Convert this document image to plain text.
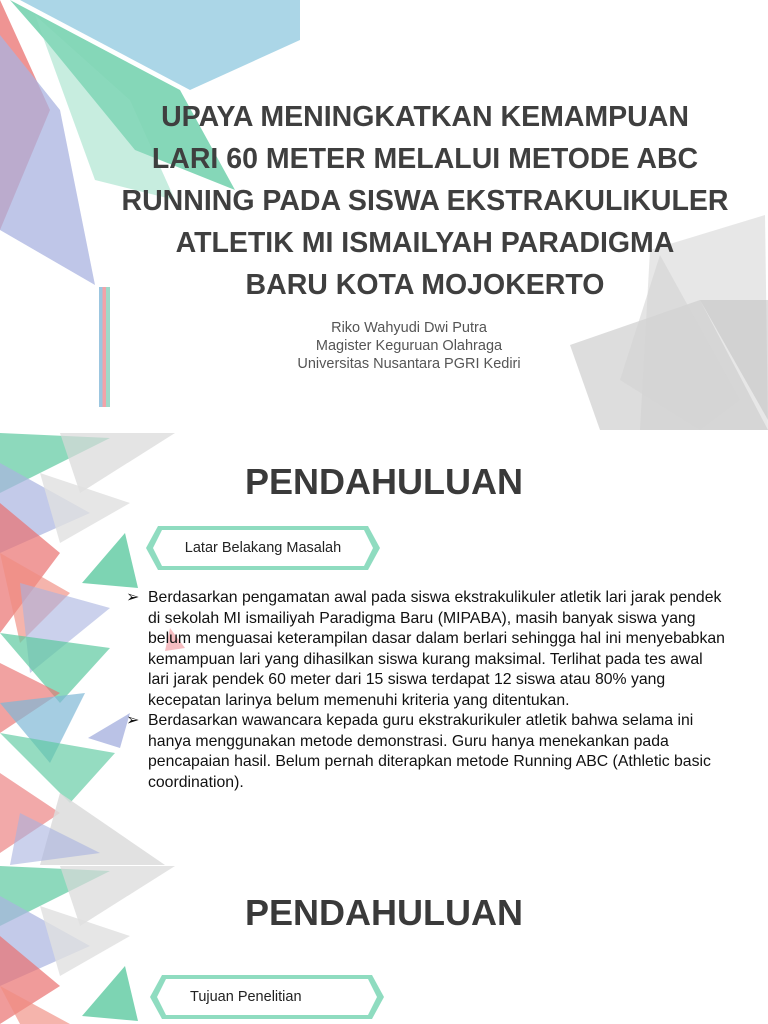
UPAYA MENINGKATKAN KEMAMPUAN
LARI 60 METER MELALUI METODE ABC
RUNNING PADA SISWA EKSTRAKULIKULER
ATLETIK MI ISMAILYAH PARADIGMA
BARU KOTA MOJOKERTO
Riko Wahyudi Dwi Putra
Magister Keguruan Olahraga
Universitas Nusantara PGRI Kediri
PENDAHULUAN
Latar Belakang Masalah
➢ Berdasarkan pengamatan awal pada siswa ekstrakulikuler atletik lari jarak pendek di sekolah MI ismailiyah Paradigma Baru (MIPABA), masih banyak siswa yang belum menguasai keterampilan dasar dalam berlari sehingga hal ini menyebabkan kemampuan lari yang dihasilkan siswa kurang maksimal. Terlihat pada tes awal lari jarak pendek 60 meter dari 15 siswa terdapat 12 siswa atau 80% yang kecepatan larinya belum memenuhi kriteria yang ditentukan.
➢ Berdasarkan wawancara kepada guru ekstrakurikuler atletik bahwa selama ini hanya menggunakan metode demonstrasi. Guru hanya menekankan pada pencapaian hasil. Belum pernah diterapkan metode Running ABC (Athletic basic coordination).
PENDAHULUAN
Tujuan Penelitian
